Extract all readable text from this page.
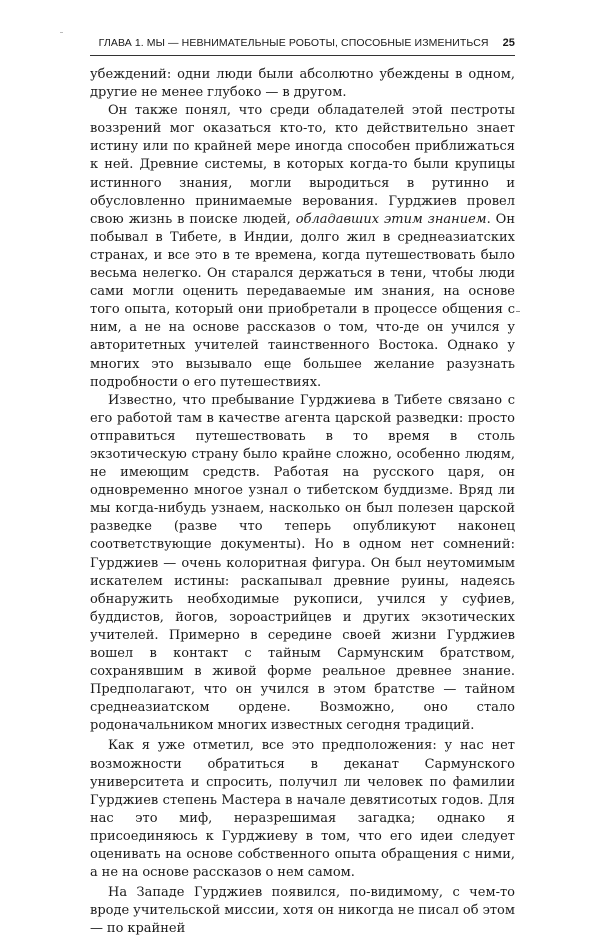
ГЛАВА 1. МЫ — НЕВНИМАТЕЛЬНЫЕ РОБОТЫ, СПОСОБНЫЕ ИЗМЕНИТЬСЯ 25

убеждений: одни люди были абсолютно убеждены в одном, другие не менее глубоко — в другом.

Он также понял, что среди обладателей этой пестроты воззрений мог оказаться кто-то, кто действительно знает истину или по крайней мере иногда способен приближаться к ней. Древние системы, в которых когда-то были крупицы истинного знания, могли выродиться в рутинно и обусловленно принимаемые верования. Гурджиев провел свою жизнь в поиске людей, обладавших этим знанием. Он побывал в Тибете, в Индии, долго жил в среднеазиатских странах, и все это в те времена, когда путешествовать было весьма нелегко. Он старался держаться в тени, чтобы люди сами могли оценить передаваемые им знания, на основе того опыта, который они приобретали в процессе общения с ним, а не на основе рассказов о том, что-де он учился у авторитетных учителей таинственного Востока. Однако у многих это вызывало еще большее желание разузнать подробности о его путешествиях.

Известно, что пребывание Гурджиева в Тибете связано с его работой там в качестве агента царской разведки: просто отправиться путешествовать в то время в столь экзотическую страну было крайне сложно, особенно людям, не имеющим средств. Работая на русского царя, он одновременно многое узнал о тибетском буддизме. Вряд ли мы когда-нибудь узнаем, насколько он был полезен царской разведке (разве что теперь опубликуют наконец соответствующие документы). Но в одном нет сомнений: Гурджиев — очень колоритная фигура. Он был неутомимым искателем истины: раскапывал древние руины, надеясь обнаружить необходимые рукописи, учился у суфиев, буддистов, йогов, зороастрийцев и других экзотических учителей. Примерно в середине своей жизни Гурджиев вошел в контакт с тайным Сармунским братством, сохранявшим в живой форме реальное древнее знание. Предполагают, что он учился в этом братстве — тайном среднеазиатском ордене. Возможно, оно стало родоначальником многих известных сегодня традиций.

Как я уже отметил, все это предположения: у нас нет возможности обратиться в деканат Сармунского университета и спросить, получил ли человек по фамилии Гурджиев степень Мастера в начале девятисотых годов. Для нас это миф, неразрешимая загадка; однако я присоединяюсь к Гурджиеву в том, что его идеи следует оценивать на основе собственного опыта обращения с ними, а не на основе рассказов о нем самом.

На Западе Гурджиев появился, по-видимому, с чем-то вроде учительской миссии, хотя он никогда не писал об этом — по крайней
